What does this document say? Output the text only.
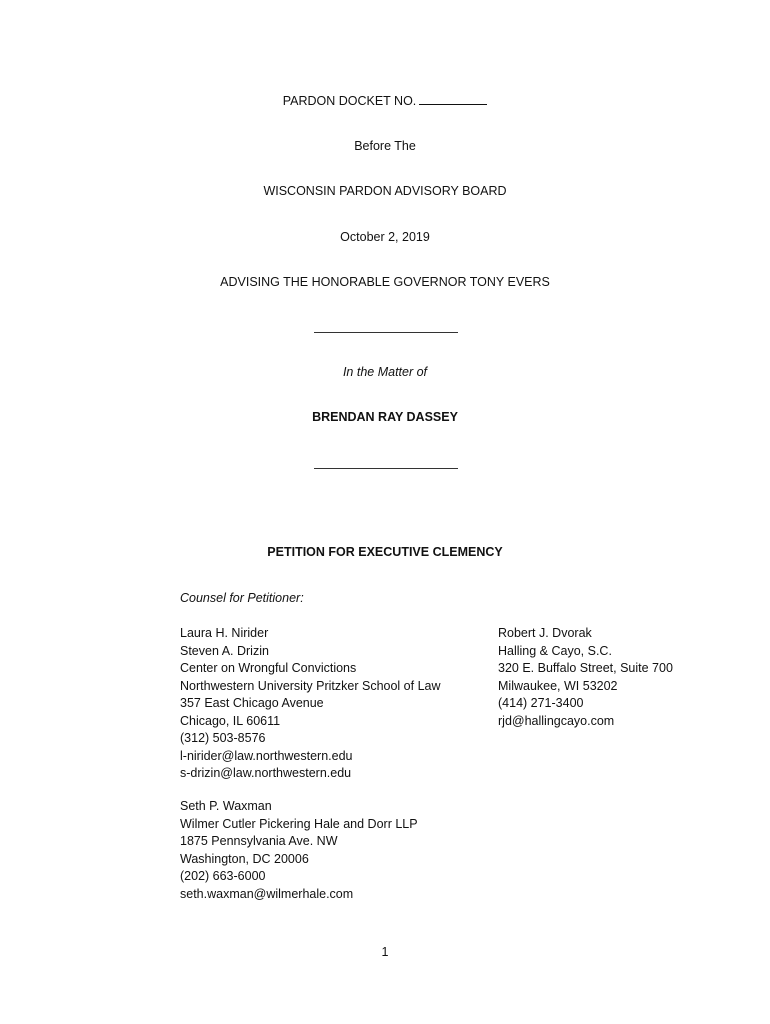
PARDON DOCKET NO.
Before The
WISCONSIN PARDON ADVISORY BOARD
October 2, 2019
ADVISING THE HONORABLE GOVERNOR TONY EVERS
In the Matter of
BRENDAN RAY DASSEY
PETITION FOR EXECUTIVE CLEMENCY
Counsel for Petitioner:
Laura H. Nirider
Steven A. Drizin
Center on Wrongful Convictions
Northwestern University Pritzker School of Law
357 East Chicago Avenue
Chicago, IL 60611
(312) 503-8576
l-nirider@law.northwestern.edu
s-drizin@law.northwestern.edu
Robert J. Dvorak
Halling & Cayo, S.C.
320 E. Buffalo Street, Suite 700
Milwaukee, WI 53202
(414) 271-3400
rjd@hallingcayo.com
Seth P. Waxman
Wilmer Cutler Pickering Hale and Dorr LLP
1875 Pennsylvania Ave. NW
Washington, DC 20006
(202) 663-6000
seth.waxman@wilmerhale.com
1
